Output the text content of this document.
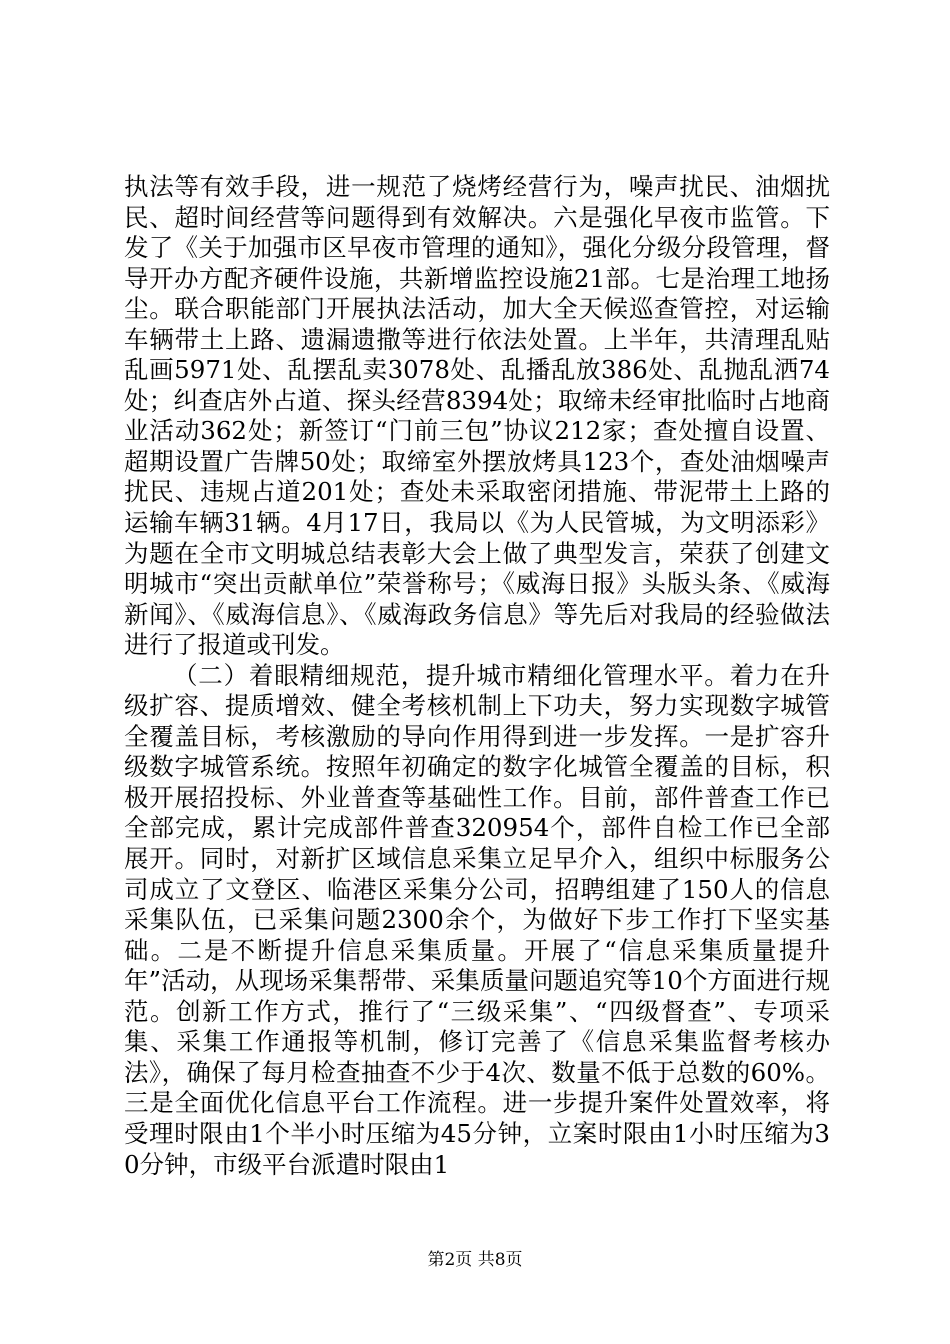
执法等有效手段，进一规范了烧烤经营行为，噪声扰民、油烟扰民、超时间经营等问题得到有效解决。六是强化早夜市监管。下发了《关于加强市区早夜市管理的通知》，强化分级分段管理，督导开办方配齐硬件设施，共新增监控设施21部。七是治理工地扬尘。联合职能部门开展执法活动，加大全天候巡查管控，对运输车辆带土上路、遗漏遗撒等进行依法处置。上半年，共清理乱贴乱画5971处、乱摆乱卖3078处、乱播乱放386处、乱抛乱洒74处；纠查店外占道、探头经营8394处；取缔未经审批临时占地商业活动362处；新签订“门前三包”协议212家；查处擅自设置、超期设置广告牌50处；取缔室外摆放烤具123个，查处油烟噪声扰民、违规占道201处；查处未采取密闭措施、带泥带土上路的运输车辆31辆。4月17日，我局以《为人民管城，为文明添彩》为题在全市文明城总结表彰大会上做了典型发言，荣获了创建文明城市“突出贡献单位”荣誉称号；《威海日报》头版头条、《威海新闻》、《威海信息》、《威海政务信息》等先后对我局的经验做法进行了报道或刊发。

（二）着眼精细规范，提升城市精细化管理水平。着力在升级扩容、提质增效、健全考核机制上下功夫，努力实现数字城管全覆盖目标，考核激励的导向作用得到进一步发挥。一是扩容升级数字城管系统。按照年初确定的数字化城管全覆盖的目标，积极开展招投标、外业普查等基础性工作。目前，部件普查工作已全部完成，累计完成部件普查320954个，部件自检工作已全部展开。同时，对新扩区域信息采集立足早介入，组织中标服务公司成立了文登区、临港区采集分公司，招聘组建了150人的信息采集队伍，已采集问题2300余个，为做好下步工作打下坚实基础。二是不断提升信息采集质量。开展了“信息采集质量提升年”活动，从现场采集帮带、采集质量问题追究等10个方面进行规范。创新工作方式，推行了“三级采集”、“四级督查”、专项采集、采集工作通报等机制，修订完善了《信息采集监督考核办法》，确保了每月检查抽查不少于4次、数量不低于总数的60%。三是全面优化信息平台工作流程。进一步提升案件处置效率，将受理时限由1个半小时压缩为45分钟，立案时限由1小时压缩为30分钟，市级平台派遣时限由1

第2页 共8页
